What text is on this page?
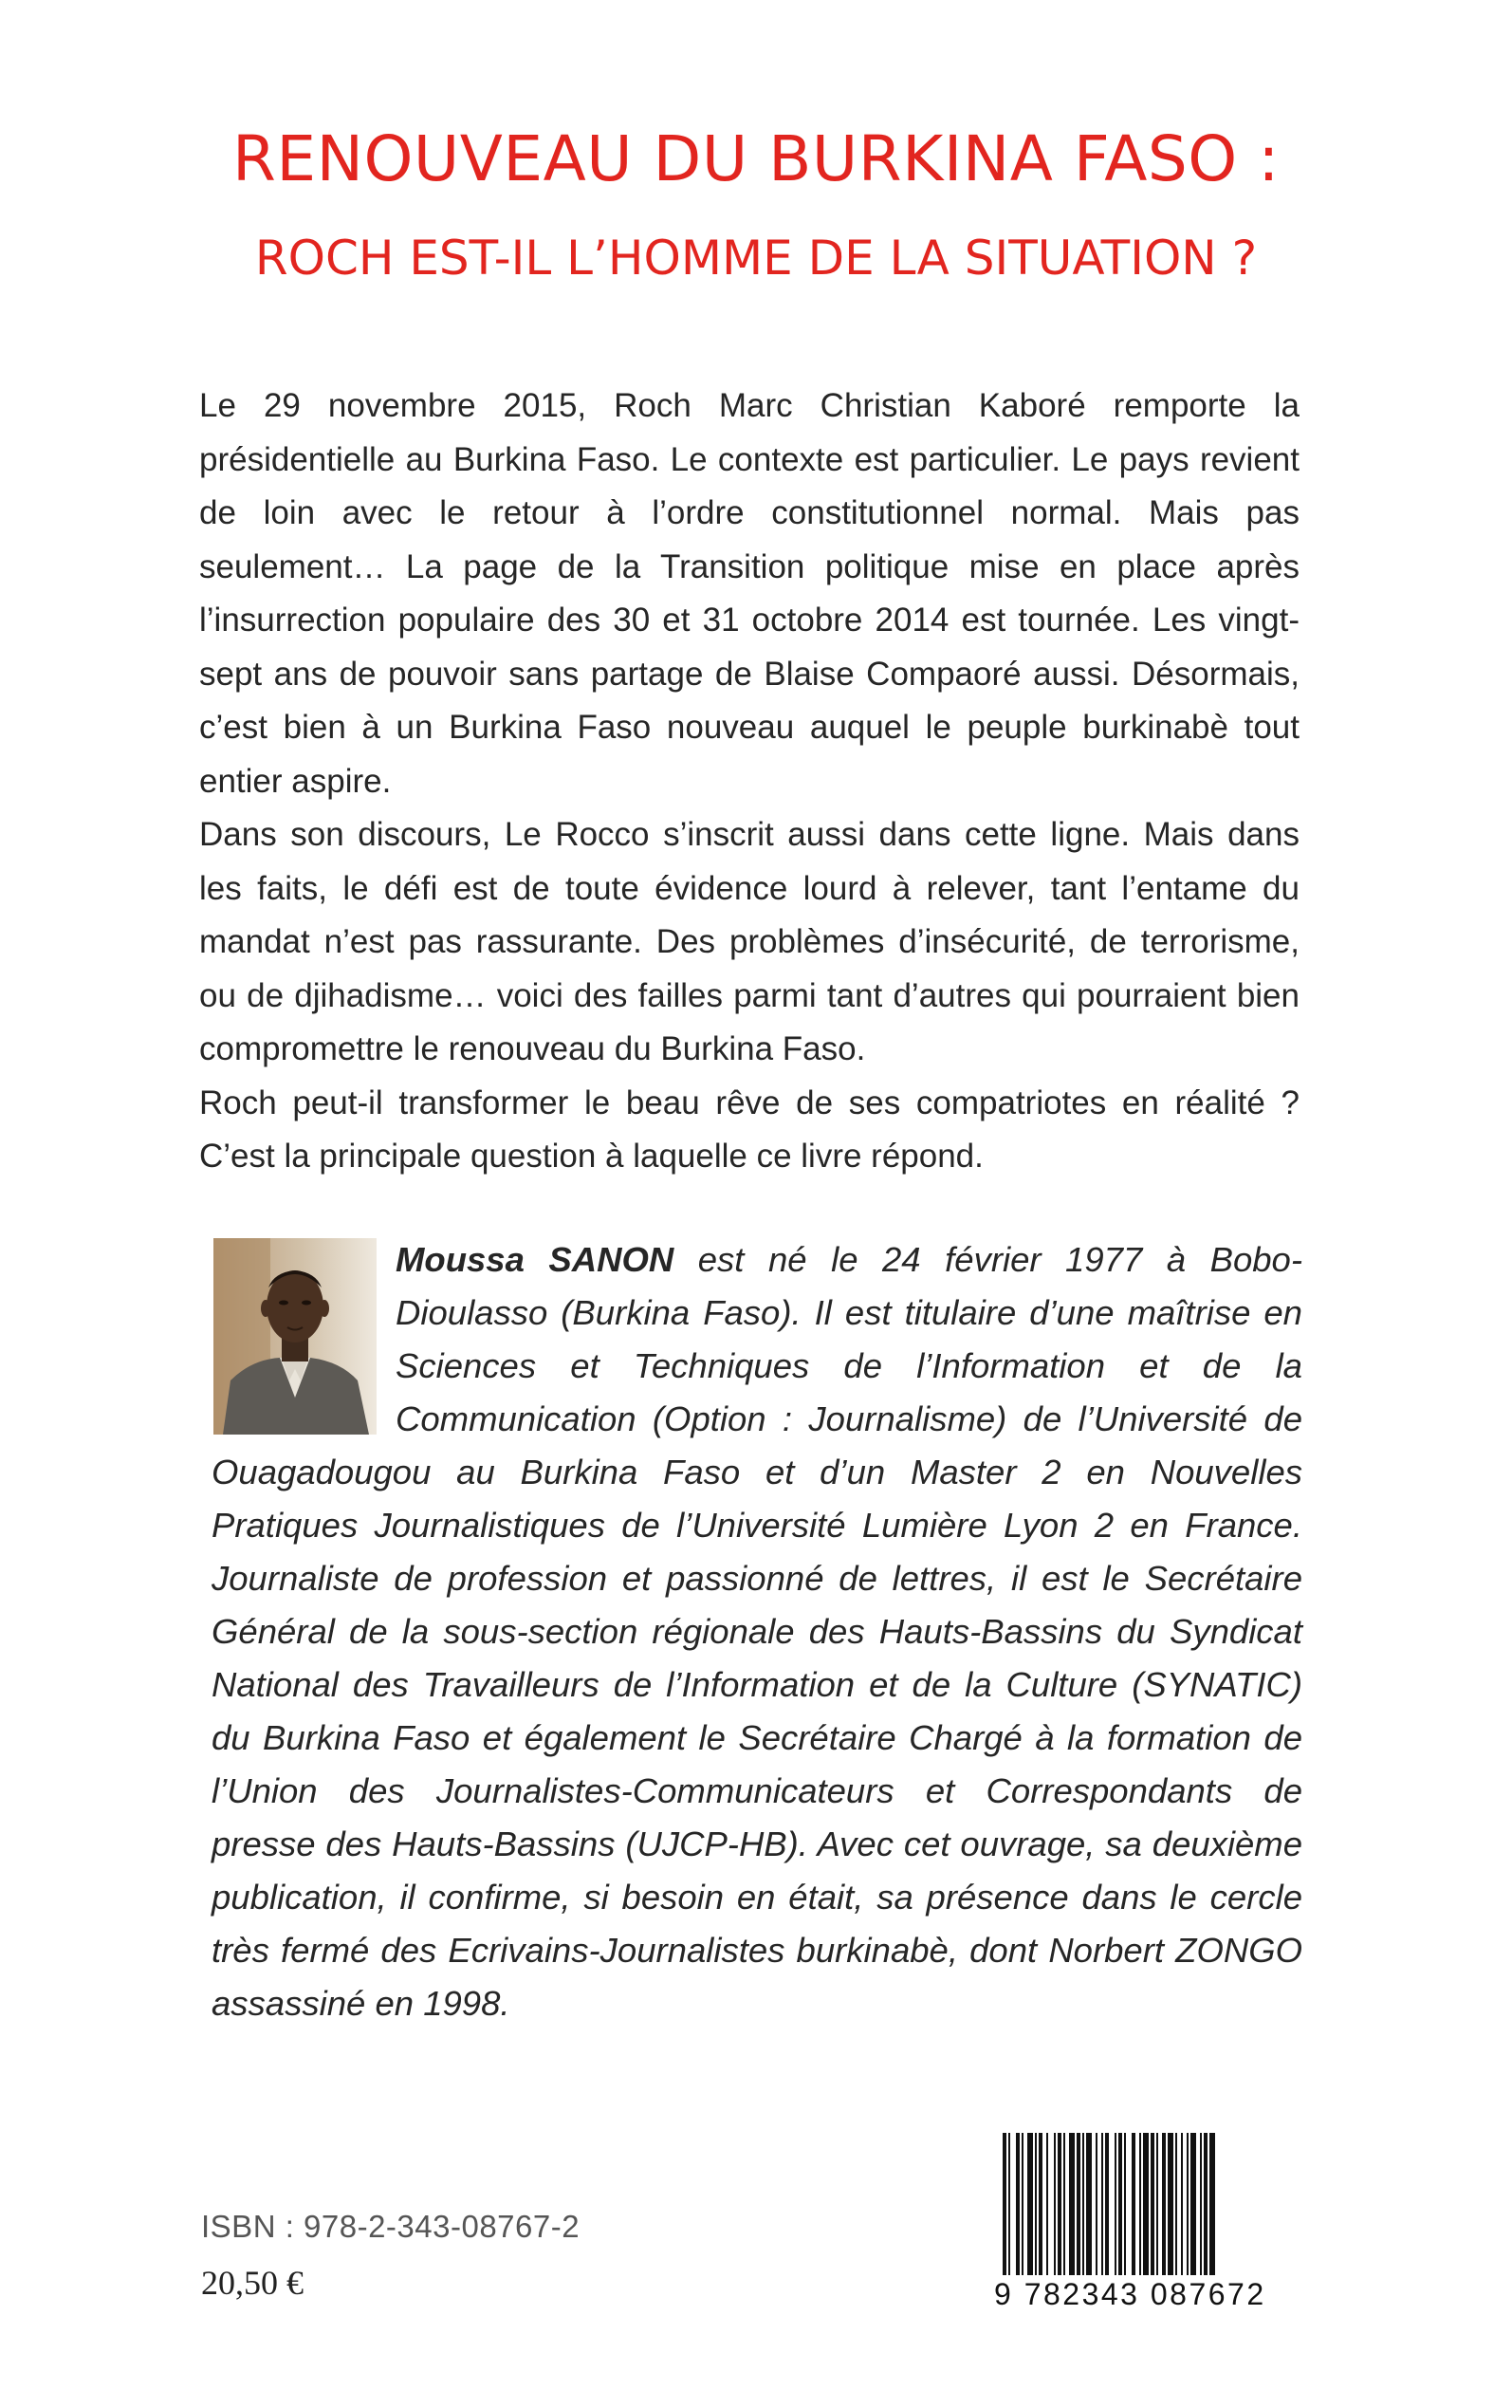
RENOUVEAU DU BURKINA FASO :
ROCH EST-IL L’HOMME DE LA SITUATION ?

Le 29 novembre 2015, Roch Marc Christian Kaboré remporte la présidentielle au Burkina Faso. Le contexte est particulier. Le pays revient de loin avec le retour à l’ordre constitutionnel normal. Mais pas seulement… La page de la Transition politique mise en place après l’insurrection populaire des 30 et 31 octobre 2014 est tournée. Les vingt-sept ans de pouvoir sans partage de Blaise Compaoré aussi. Désormais, c’est bien à un Burkina Faso nouveau auquel le peuple burkinabè tout entier aspire.

Dans son discours, Le Rocco s’inscrit aussi dans cette ligne. Mais dans les faits, le défi est de toute évidence lourd à relever, tant l’entame du mandat n’est pas rassurante. Des problèmes d’insécurité, de terrorisme, ou de djihadisme… voici des failles parmi tant d’autres qui pourraient bien compromettre le renouveau du Burkina Faso.

Roch peut-il transformer le beau rêve de ses compatriotes en réalité ? C’est la principale question à laquelle ce livre répond.

Moussa SANON est né le 24 février 1977 à Bobo-Dioulasso (Burkina Faso). Il est titulaire d’une maîtrise en Sciences et Techniques de l’Information et de la Communication (Option : Journalisme) de l’Université de Ouagadougou au Burkina Faso et d’un Master 2 en Nouvelles Pratiques Journalistiques de l’Université Lumière Lyon 2 en France. Journaliste de profession et passionné de lettres, il est le Secrétaire Général de la sous-section régionale des Hauts-Bassins du Syndicat National des Travailleurs de l’Information et de la Culture (SYNATIC) du Burkina Faso et également le Secrétaire Chargé à la formation de l’Union des Journalistes-Communicateurs et Correspondants de presse des Hauts-Bassins (UJCP-HB). Avec cet ouvrage, sa deuxième publication, il confirme, si besoin en était, sa présence dans le cercle très fermé des Ecrivains-Journalistes burkinabè, dont Norbert ZONGO assassiné en 1998.
ISBN : 978-2-343-08767-2
20,50 €	9 782343 087672
